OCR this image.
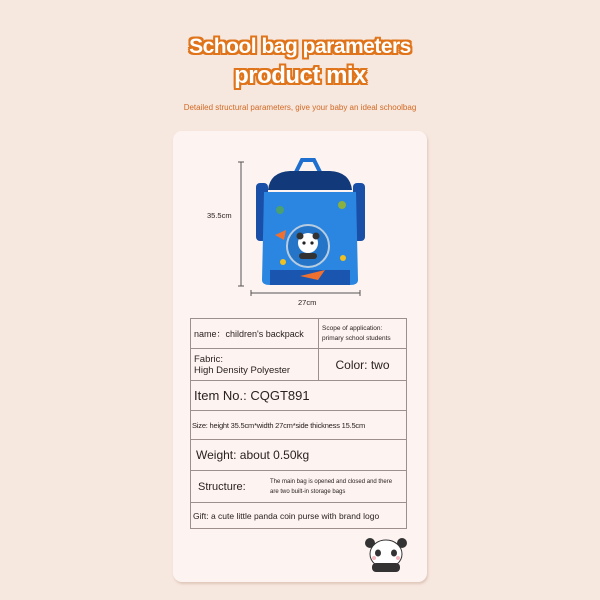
School bag parameters
product mix
Detailed structural parameters, give your baby an ideal schoolbag
35.5cm
27cm
name：children's backpack
Scope of application: primary school students
Fabric:
High Density Polyester	Color: two
Item No.: CQGT891
Size: height 35.5cm*width 27cm*side thickness 15.5cm
Weight: about 0.50kg
Structure:	The main bag is opened and closed and there are two built-in storage bags
Gift: a cute little panda coin purse with brand logo
